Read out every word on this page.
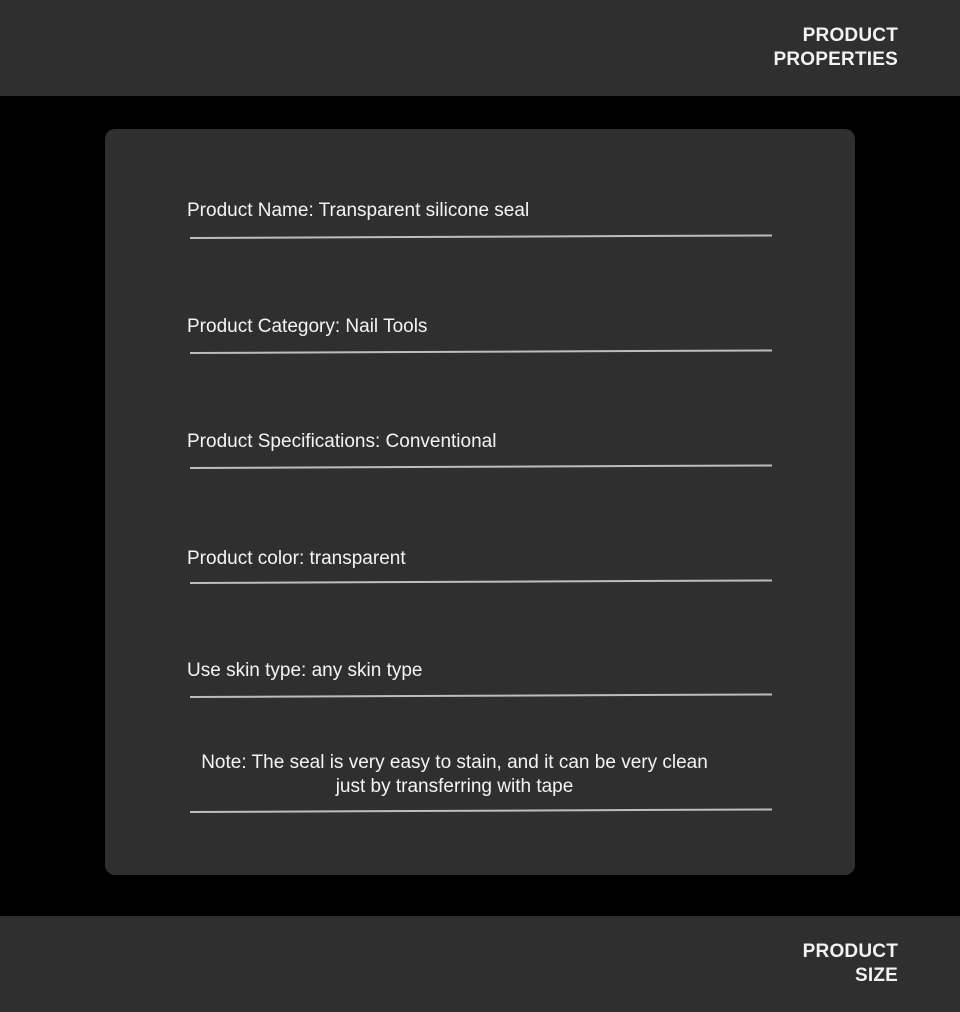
PRODUCT
PROPERTIES
Product Name: Transparent silicone seal
Product Category: Nail Tools
Product Specifications: Conventional
Product color: transparent
Use skin type: any skin type
Note: The seal is very easy to stain, and it can be very clean just by transferring with tape
PRODUCT
SIZE
